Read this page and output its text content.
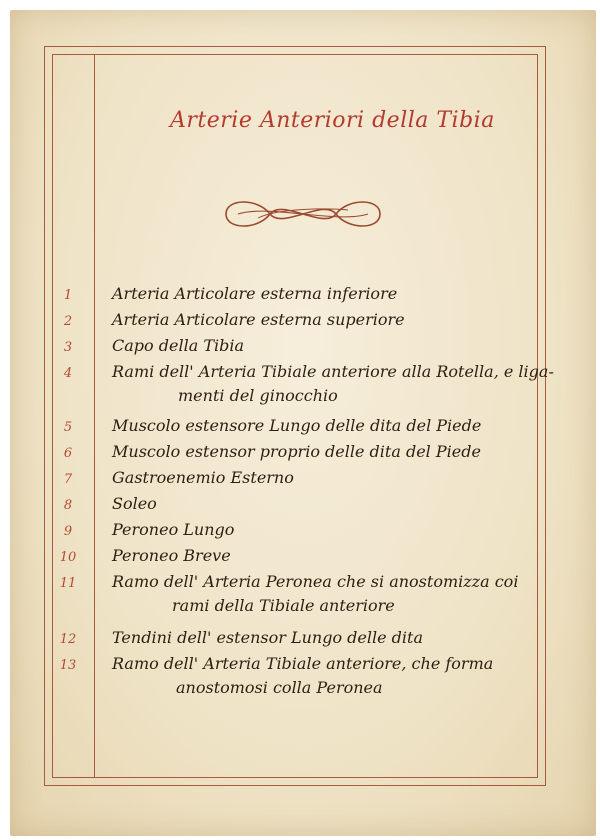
Arterie Anteriori della Tibia
1	Arteria Articolare esterna inferiore
2	Arteria Articolare esterna superiore
3	Capo della Tibia
4	Rami dell' Arteria Tibiale anteriore alla Rotella, e liga-
menti del ginocchio
5	Muscolo estensore Lungo delle dita del Piede
6	Muscolo estensor proprio delle dita del Piede
7	Gastroenemio Esterno
8	Soleo
9	Peroneo Lungo
10 Peroneo Breve
11 Ramo dell' Arteria Peronea che si anostomizza coi
rami della Tibiale anteriore
12 Tendini dell' estensor Lungo delle dita
13 Ramo dell' Arteria Tibiale anteriore, che forma
anostomosi colla Peronea
